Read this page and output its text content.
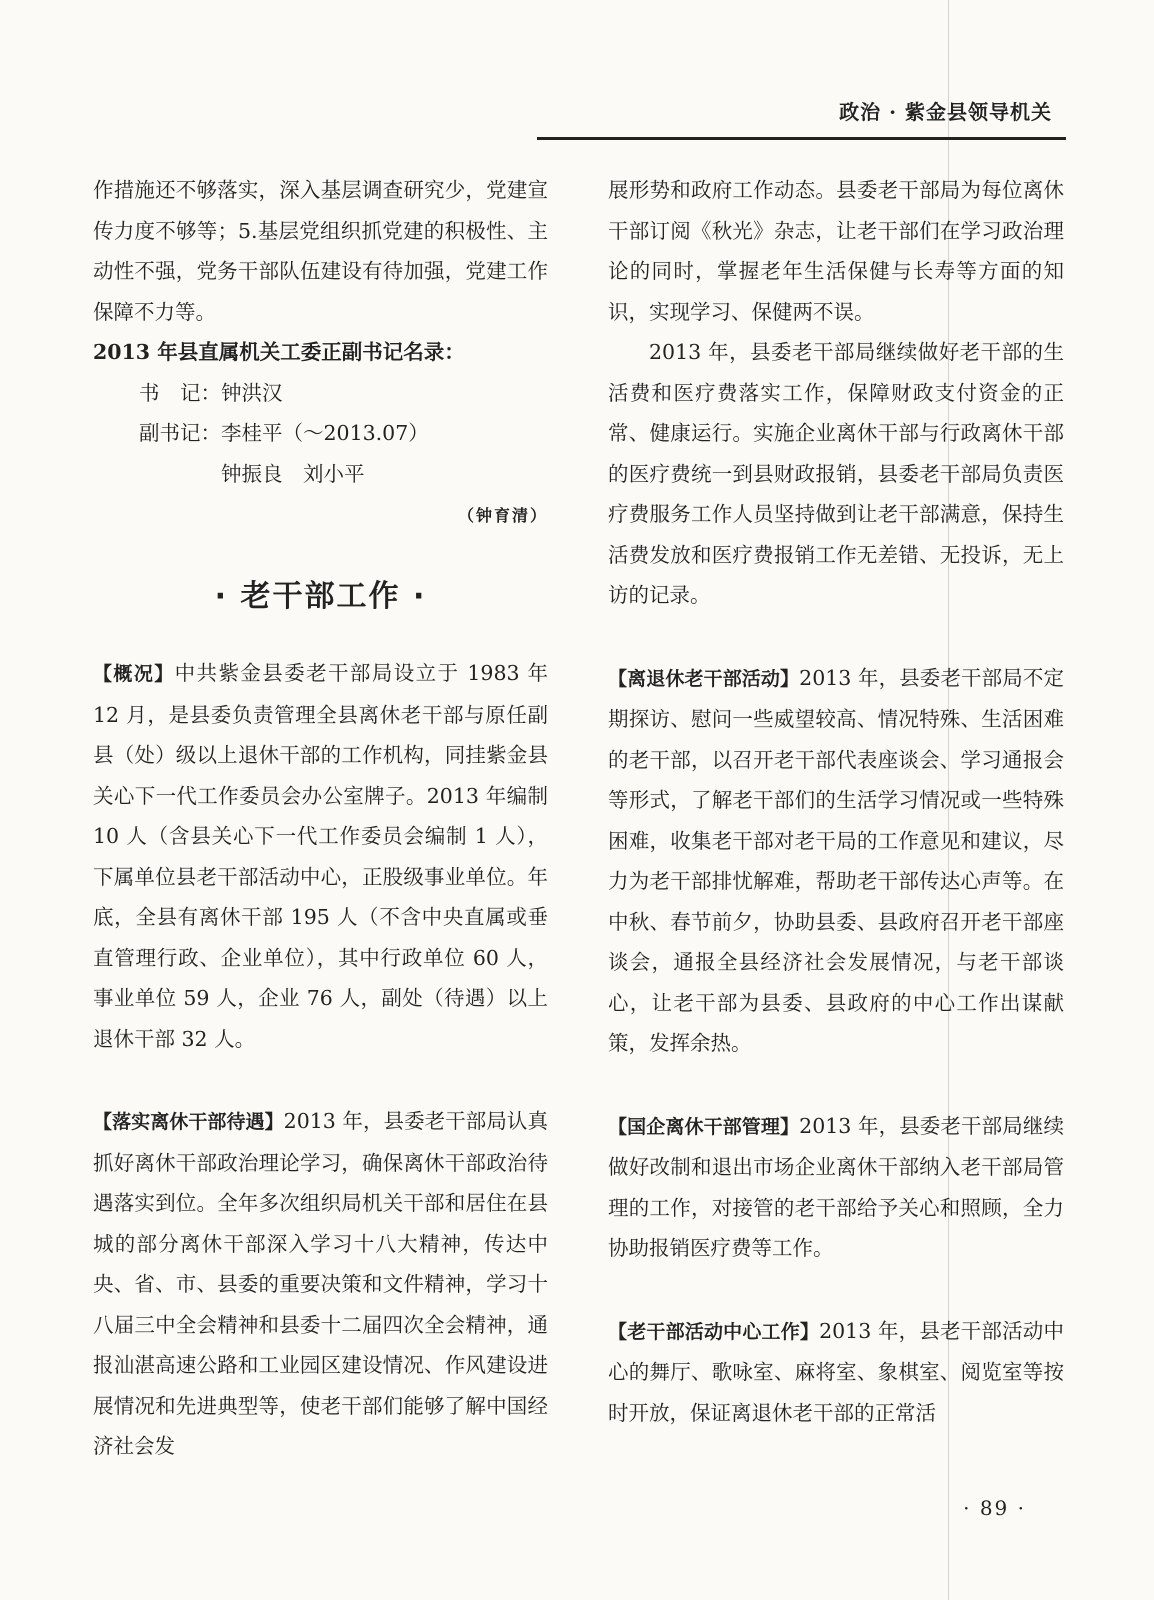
政治 · 紫金县领导机关

作措施还不够落实，深入基层调查研究少，党建宣传力度不够等；5.基层党组织抓党建的积极性、主动性不强，党务干部队伍建设有待加强，党建工作保障不力等。

2013 年县直属机关工委正副书记名录：

书　记：钟洪汉

副书记：李桂平（～2013.07）

钟振良　刘小平

（钟育清）

· 老干部工作 ·

【概况】中共紫金县委老干部局设立于 1983 年 12 月，是县委负责管理全县离休老干部与原任副县（处）级以上退休干部的工作机构，同挂紫金县关心下一代工作委员会办公室牌子。2013 年编制 10 人（含县关心下一代工作委员会编制 1 人），下属单位县老干部活动中心，正股级事业单位。年底，全县有离休干部 195 人（不含中央直属或垂直管理行政、企业单位），其中行政单位 60 人，事业单位 59 人，企业 76 人，副处（待遇）以上退休干部 32 人。

【落实离休干部待遇】2013 年，县委老干部局认真抓好离休干部政治理论学习，确保离休干部政治待遇落实到位。全年多次组织局机关干部和居住在县城的部分离休干部深入学习十八大精神，传达中央、省、市、县委的重要决策和文件精神，学习十八届三中全会精神和县委十二届四次全会精神，通报汕湛高速公路和工业园区建设情况、作风建设进展情况和先进典型等，使老干部们能够了解中国经济社会发

展形势和政府工作动态。县委老干部局为每位离休干部订阅《秋光》杂志，让老干部们在学习政治理论的同时，掌握老年生活保健与长寿等方面的知识，实现学习、保健两不误。

2013 年，县委老干部局继续做好老干部的生活费和医疗费落实工作，保障财政支付资金的正常、健康运行。实施企业离休干部与行政离休干部的医疗费统一到县财政报销，县委老干部局负责医疗费服务工作人员坚持做到让老干部满意，保持生活费发放和医疗费报销工作无差错、无投诉，无上访的记录。

【离退休老干部活动】2013 年，县委老干部局不定期探访、慰问一些威望较高、情况特殊、生活困难的老干部，以召开老干部代表座谈会、学习通报会等形式，了解老干部们的生活学习情况或一些特殊困难，收集老干部对老干局的工作意见和建议，尽力为老干部排忧解难，帮助老干部传达心声等。在中秋、春节前夕，协助县委、县政府召开老干部座谈会，通报全县经济社会发展情况，与老干部谈心，让老干部为县委、县政府的中心工作出谋献策，发挥余热。

【国企离休干部管理】2013 年，县委老干部局继续做好改制和退出市场企业离休干部纳入老干部局管理的工作，对接管的老干部给予关心和照顾，全力协助报销医疗费等工作。

【老干部活动中心工作】2013 年，县老干部活动中心的舞厅、歌咏室、麻将室、象棋室、阅览室等按时开放，保证离退休老干部的正常活

· 89 ·
